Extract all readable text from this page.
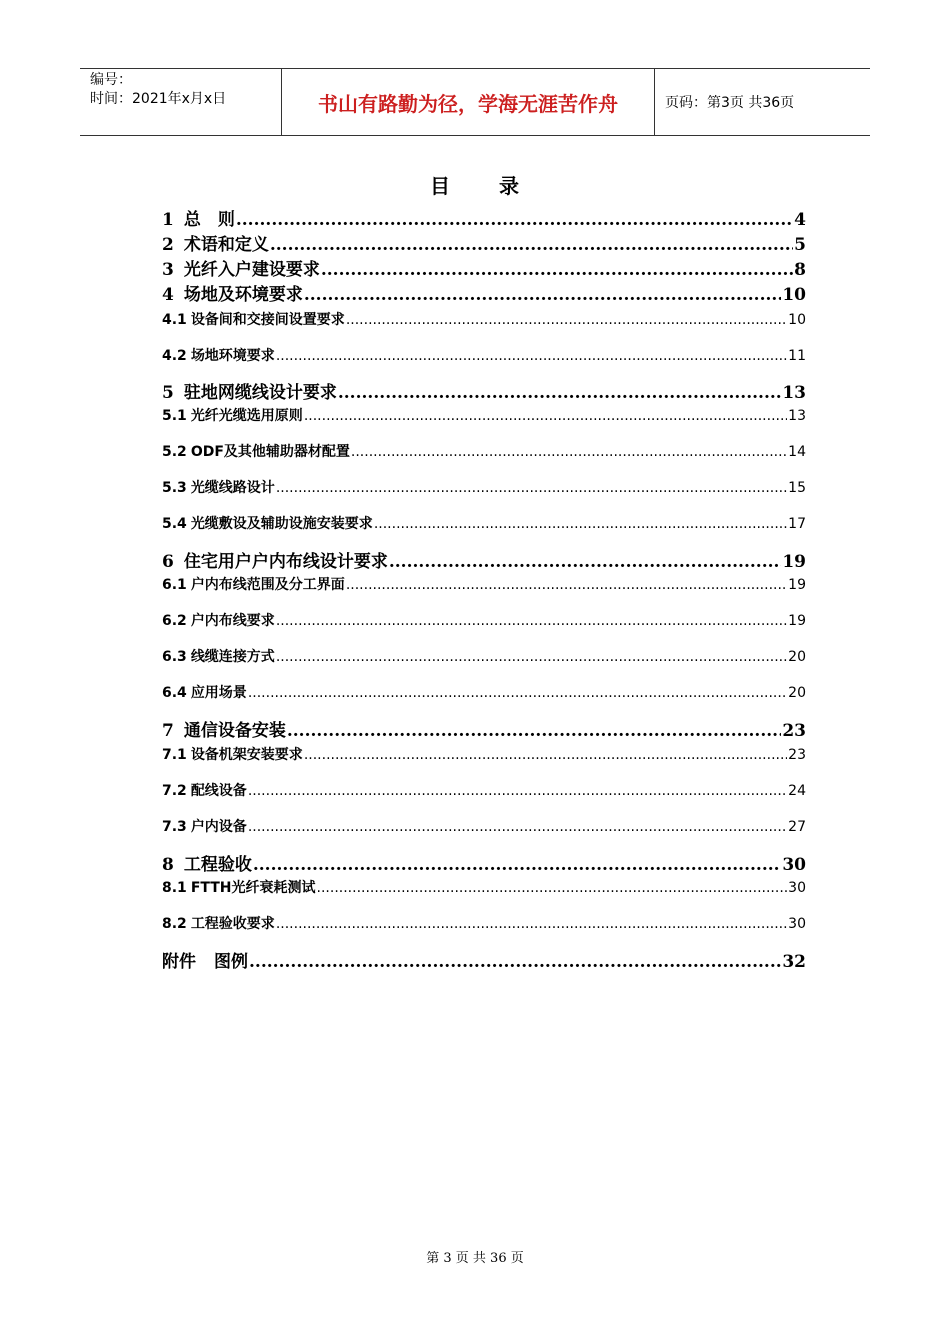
编号：
时间：2021年x月x日	书山有路勤为径，学海无涯苦作舟	页码：第3页 共36页
目 录
1 总　则 .....	4
2 术语和定义 .....	5
3 光纤入户建设要求 .....	8
4 场地及环境要求 .....	10
4.1 设备间和交接间设置要求 .....	10
4.2 场地环境要求 .....	11
5 驻地网缆线设计要求 .....	13
5.1 光纤光缆选用原则 .....	13
5.2 ODF及其他辅助器材配置 .....	14
5.3 光缆线路设计 .....	15
5.4 光缆敷设及辅助设施安装要求 .....	17
6 住宅用户户内布线设计要求 .....	19
6.1 户内布线范围及分工界面 .....	19
6.2 户内布线要求 .....	19
6.3 线缆连接方式 .....	20
6.4 应用场景 .....	20
7 通信设备安装 .....	23
7.1 设备机架安装要求 .....	23
7.2 配线设备 .....	24
7.3 户内设备 .....	27
8 工程验收 .....	30
8.1 FTTH光纤衰耗测试 .....	30
8.2 工程验收要求 .....	30
附件 图例 .....	32
第 3 页 共 36 页
